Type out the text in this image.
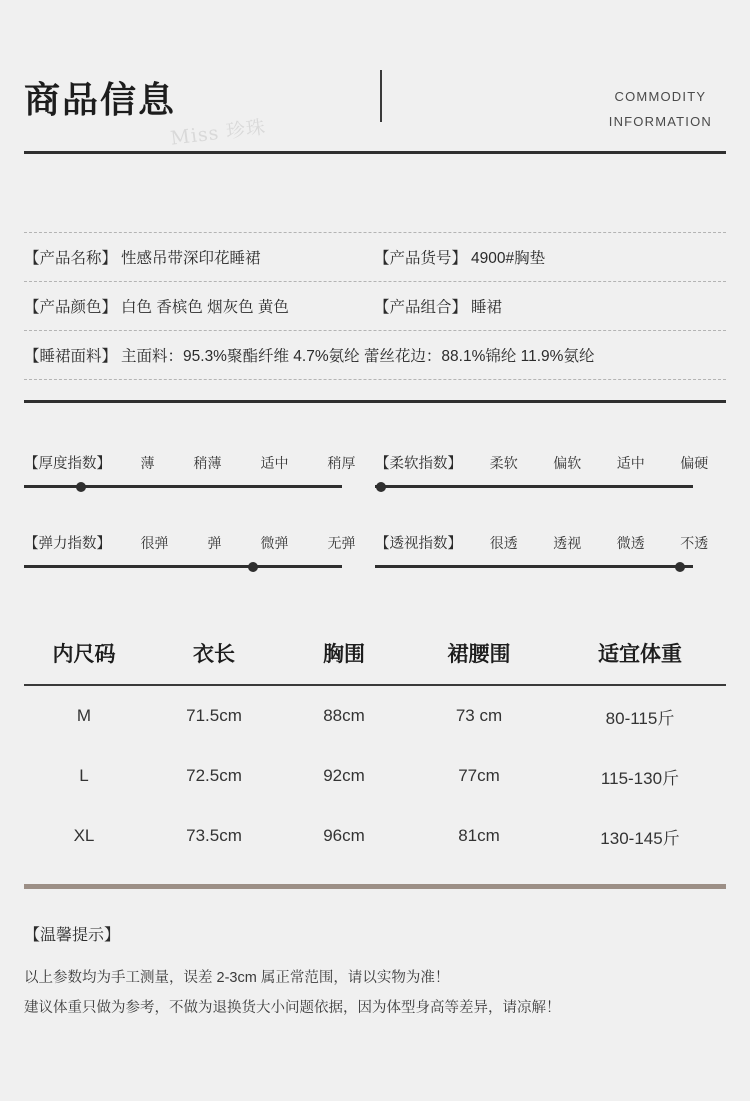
商品信息	COMMODITY
INFORMATION
Miss 珍珠
【产品名称】 性感吊带深印花睡裙	【产品货号】 4900#胸垫
【产品颜色】 白色 香槟色 烟灰色 黄色	【产品组合】 睡裙
【睡裙面料】 主面料：95.3%聚酯纤维 4.7%氨纶 蕾丝花边：88.1%锦纶 11.9%氨纶
【厚度指数】 薄	稍薄	适中	稍厚 【柔软指数】 柔软	偏软	适中	偏硬
【弹力指数】 很弹	弹	微弹	无弹 【透视指数】 很透	透视	微透	不透
内尺码	衣长	胸围	裙腰围	适宜体重
M	71.5cm	88cm	73 cm	80-115斤
L	72.5cm	92cm	77cm	115-130斤
XL	73.5cm	96cm	81cm	130-145斤
【温馨提示】
以上参数均为手工测量，误差 2-3cm 属正常范围，请以实物为准！
建议体重只做为参考，不做为退换货大小问题依据，因为体型身高等差异，请凉解！
